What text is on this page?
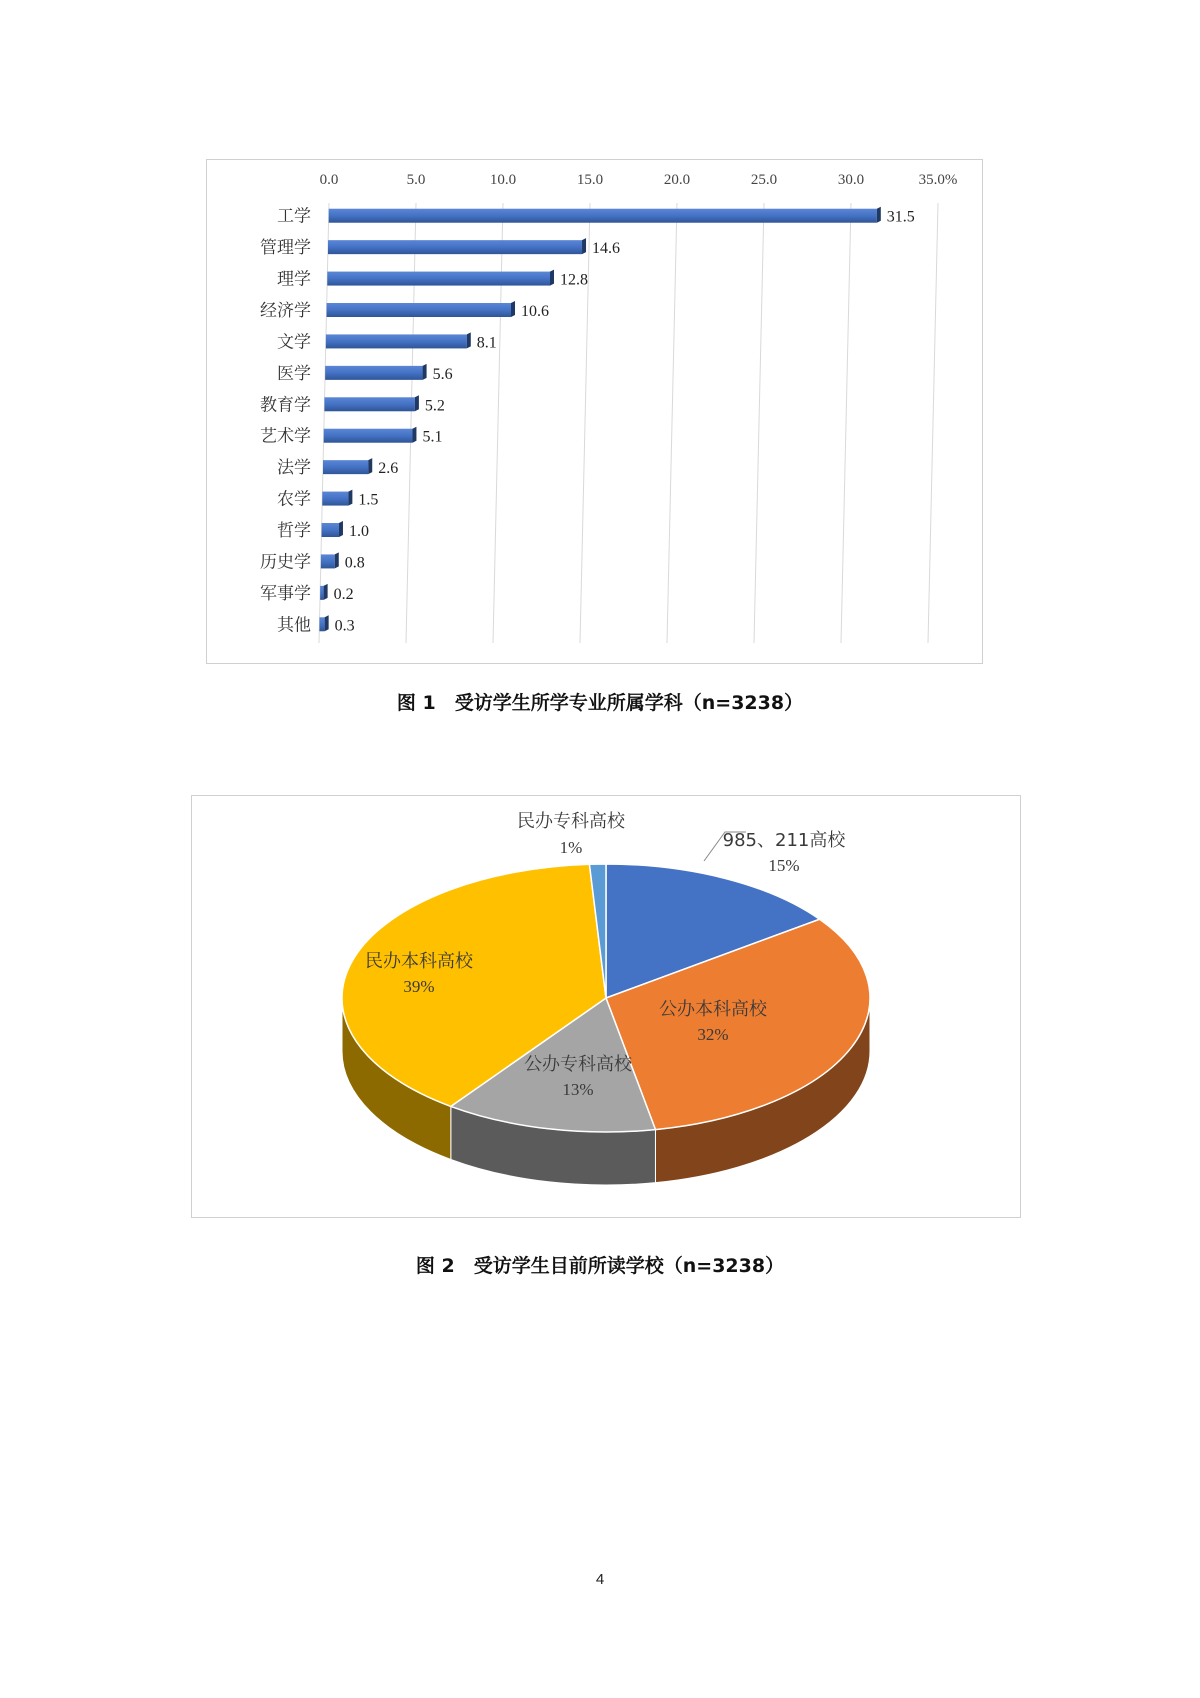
0.0	5.0	10.0	15.0	20.0	25.0	30.0	35.0%
工学	31.5
管理学	14.6
理学	12.8
经济学	10.6
文学	8.1
医学	5.6
教育学	5.2
艺术学	5.1
法学	2.6
农学	1.5
哲学 1.0
历史学 0.8
军事学 0.2
其他 0.3
图 1　受访学生所学专业所属学科（n=3238）
985、211高校
15%
公办本科高校
32%
公办专科高校
13%
民办本科高校
39%
民办专科高校
1%
图 2　受访学生目前所读学校（n=3238）
4
